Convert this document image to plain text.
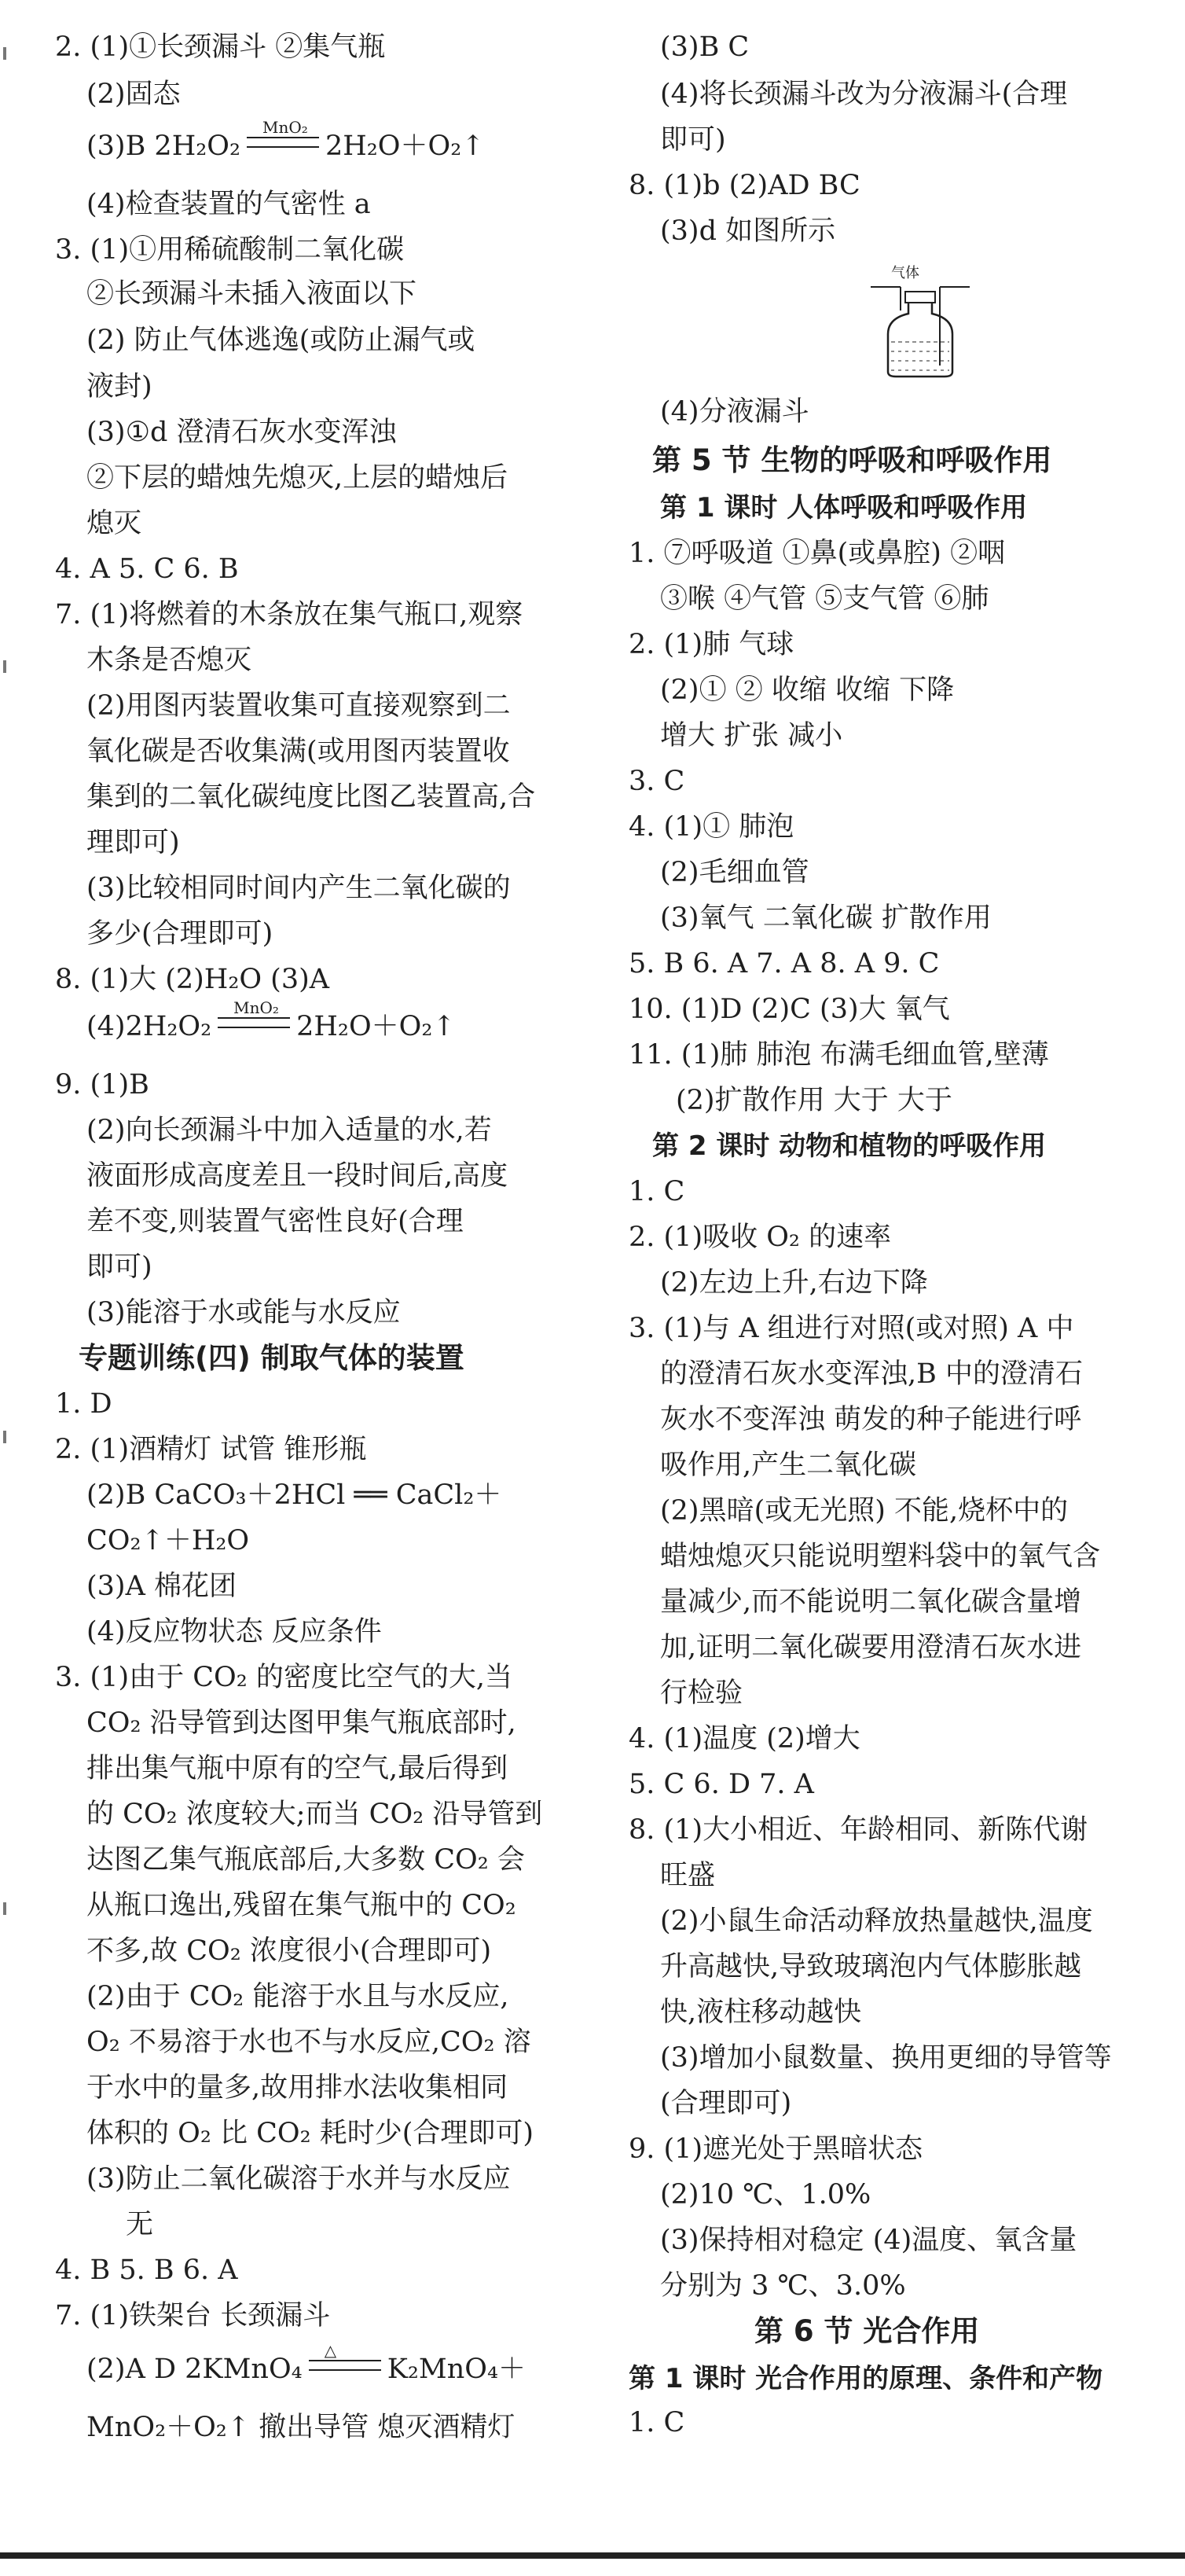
2. (1)①长颈漏斗 ②集气瓶
(2)固态
(3)B 2H₂O₂
MnO₂
2H₂O＋O₂↑
(4)检查装置的气密性 a
3. (1)①用稀硫酸制二氧化碳
②长颈漏斗未插入液面以下
(2) 防止气体逃逸(或防止漏气或
液封)
(3)①d 澄清石灰水变浑浊
②下层的蜡烛先熄灭,上层的蜡烛后
熄灭
4. A 5. C 6. B
7. (1)将燃着的木条放在集气瓶口,观察
木条是否熄灭
(2)用图丙装置收集可直接观察到二
氧化碳是否收集满(或用图丙装置收
集到的二氧化碳纯度比图乙装置高,合
理即可)
(3)比较相同时间内产生二氧化碳的
多少(合理即可)
8. (1)大 (2)H₂O (3)A
(4)2H₂O₂
MnO₂
2H₂O＋O₂↑
9. (1)B
(2)向长颈漏斗中加入适量的水,若
液面形成高度差且一段时间后,高度
差不变,则装置气密性良好(合理
即可)
(3)能溶于水或能与水反应
专题训练(四) 制取气体的装置
1. D
2. (1)酒精灯 试管 锥形瓶
(2)B CaCO₃＋2HCl ══ CaCl₂＋
CO₂↑＋H₂O
(3)A 棉花团
(4)反应物状态 反应条件
3. (1)由于 CO₂ 的密度比空气的大,当
CO₂ 沿导管到达图甲集气瓶底部时,
排出集气瓶中原有的空气,最后得到
的 CO₂ 浓度较大;而当 CO₂ 沿导管到
达图乙集气瓶底部后,大多数 CO₂ 会
从瓶口逸出,残留在集气瓶中的 CO₂
不多,故 CO₂ 浓度很小(合理即可)
(2)由于 CO₂ 能溶于水且与水反应,
O₂ 不易溶于水也不与水反应,CO₂ 溶
于水中的量多,故用排水法收集相同
体积的 O₂ 比 CO₂ 耗时少(合理即可)
(3)防止二氧化碳溶于水并与水反应
无
4. B 5. B 6. A
7. (1)铁架台 长颈漏斗
(2)A D 2KMnO₄
△
K₂MnO₄＋
MnO₂＋O₂↑ 撤出导管 熄灭酒精灯
(3)B C
(4)将长颈漏斗改为分液漏斗(合理
即可)
8. (1)b (2)AD BC
(3)d 如图所示
(4)分液漏斗
第 5 节 生物的呼吸和呼吸作用
第 1 课时 人体呼吸和呼吸作用
1. ⑦呼吸道 ①鼻(或鼻腔) ②咽
③喉 ④气管 ⑤支气管 ⑥肺
2. (1)肺 气球
(2)① ② 收缩 收缩 下降
增大 扩张 减小
3. C
4. (1)① 肺泡
(2)毛细血管
(3)氧气 二氧化碳 扩散作用
5. B 6. A 7. A 8. A 9. C
10. (1)D (2)C (3)大 氧气
11. (1)肺 肺泡 布满毛细血管,壁薄
(2)扩散作用 大于 大于
第 2 课时 动物和植物的呼吸作用
1. C
2. (1)吸收 O₂ 的速率
(2)左边上升,右边下降
3. (1)与 A 组进行对照(或对照) A 中
的澄清石灰水变浑浊,B 中的澄清石
灰水不变浑浊 萌发的种子能进行呼
吸作用,产生二氧化碳
(2)黑暗(或无光照) 不能,烧杯中的
蜡烛熄灭只能说明塑料袋中的氧气含
量减少,而不能说明二氧化碳含量增
加,证明二氧化碳要用澄清石灰水进
行检验
4. (1)温度 (2)增大
5. C 6. D 7. A
8. (1)大小相近、年龄相同、新陈代谢
旺盛
(2)小鼠生命活动释放热量越快,温度
升高越快,导致玻璃泡内气体膨胀越
快,液柱移动越快
(3)增加小鼠数量、换用更细的导管等
(合理即可)
9. (1)遮光处于黑暗状态
(2)10 ℃、1.0%
(3)保持相对稳定 (4)温度、氧含量
分别为 3 ℃、3.0%
第 6 节 光合作用
第 1 课时 光合作用的原理、条件和产物
1. C
气体
